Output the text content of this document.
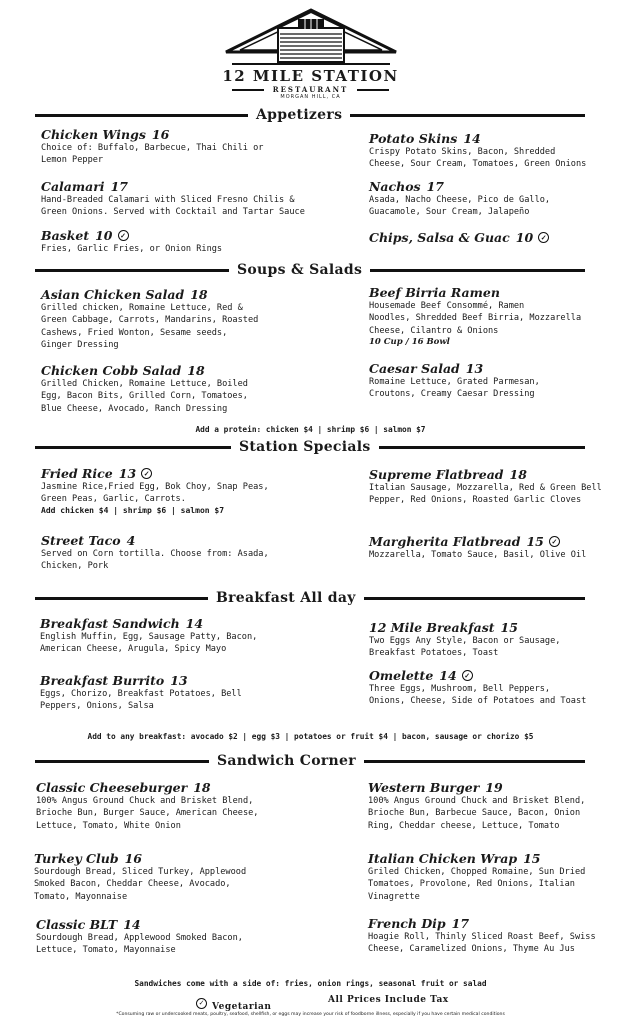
12 MILE STATION
RESTAURANT
MORGAN HILL, CA
Appetizers
Chicken Wings 16
Choice of: Buffalo, Barbecue, Thai Chili or
Lemon Pepper
Calamari 17
Hand-Breaded Calamari with Sliced Fresno Chilis &
Green Onions. Served with Cocktail and Tartar Sauce
Basket 10 ✓
Fries, Garlic Fries, or Onion Rings
Potato Skins 14
Crispy Potato Skins, Bacon, Shredded
Cheese, Sour Cream, Tomatoes, Green Onions
Nachos 17
Asada, Nacho Cheese, Pico de Gallo,
Guacamole, Sour Cream, Jalapeño
Chips, Salsa & Guac 10 ✓
Soups & Salads
Asian Chicken Salad 18
Grilled chicken, Romaine Lettuce, Red &
Green Cabbage, Carrots, Mandarins, Roasted
Cashews, Fried Wonton, Sesame seeds,
Ginger Dressing
Chicken Cobb Salad 18
Grilled Chicken, Romaine Lettuce, Boiled
Egg, Bacon Bits, Grilled Corn, Tomatoes,
Blue Cheese, Avocado, Ranch Dressing
Beef Birria Ramen
Housemade Beef Consommé, Ramen
Noodles, Shredded Beef Birria, Mozzarella
Cheese, Cilantro & Onions
10 Cup / 16 Bowl
Caesar Salad 13
Romaine Lettuce, Grated Parmesan,
Croutons, Creamy Caesar Dressing
Add a protein: chicken $4 | shrimp $6 | salmon $7
Station Specials
Fried Rice 13 ✓
Jasmine Rice,Fried Egg, Bok Choy, Snap Peas,
Green Peas, Garlic, Carrots.
Add chicken $4 | shrimp $6 | salmon $7
Street Taco 4
Served on Corn tortilla. Choose from: Asada,
Chicken, Pork
Supreme Flatbread 18
Italian Sausage, Mozzarella, Red & Green Bell
Pepper, Red Onions, Roasted Garlic Cloves
Margherita Flatbread 15 ✓
Mozzarella, Tomato Sauce, Basil, Olive Oil
Breakfast All day
Breakfast Sandwich 14
English Muffin, Egg, Sausage Patty, Bacon,
American Cheese, Arugula, Spicy Mayo
Breakfast Burrito 13
Eggs, Chorizo, Breakfast Potatoes, Bell
Peppers, Onions, Salsa
12 Mile Breakfast 15
Two Eggs Any Style, Bacon or Sausage,
Breakfast Potatoes, Toast
Omelette 14 ✓
Three Eggs, Mushroom, Bell Peppers,
Onions, Cheese, Side of Potatoes and Toast
Add to any breakfast: avocado $2 | egg $3 | potatoes or fruit $4 | bacon, sausage or chorizo $5
Sandwich Corner
Classic Cheeseburger 18
100% Angus Ground Chuck and Brisket Blend,
Brioche Bun, Burger Sauce, American Cheese,
Lettuce, Tomato, White Onion
Turkey Club 16
Sourdough Bread, Sliced Turkey, Applewood
Smoked Bacon, Cheddar Cheese, Avocado,
Tomato, Mayonnaise
Classic BLT 14
Sourdough Bread, Applewood Smoked Bacon,
Lettuce, Tomato, Mayonnaise
Western Burger 19
100% Angus Ground Chuck and Brisket Blend,
Brioche Bun, Barbecue Sauce, Bacon, Onion
Ring, Cheddar cheese, Lettuce, Tomato
Italian Chicken Wrap 15
Griled Chicken, Chopped Romaine, Sun Dried
Tomatoes, Provolone, Red Onions, Italian
Vinagrette
French Dip 17
Hoagie Roll, Thinly Sliced Roast Beef, Swiss
Cheese, Caramelized Onions, Thyme Au Jus
Sandwiches come with a side of: fries, onion rings, seasonal fruit or salad
✓ Vegetarian
All Prices Include Tax
*Consuming raw or undercooked meats, poultry, seafood, shellfish, or eggs may increase your risk of foodborne illness, especially if you have certain medical conditions
